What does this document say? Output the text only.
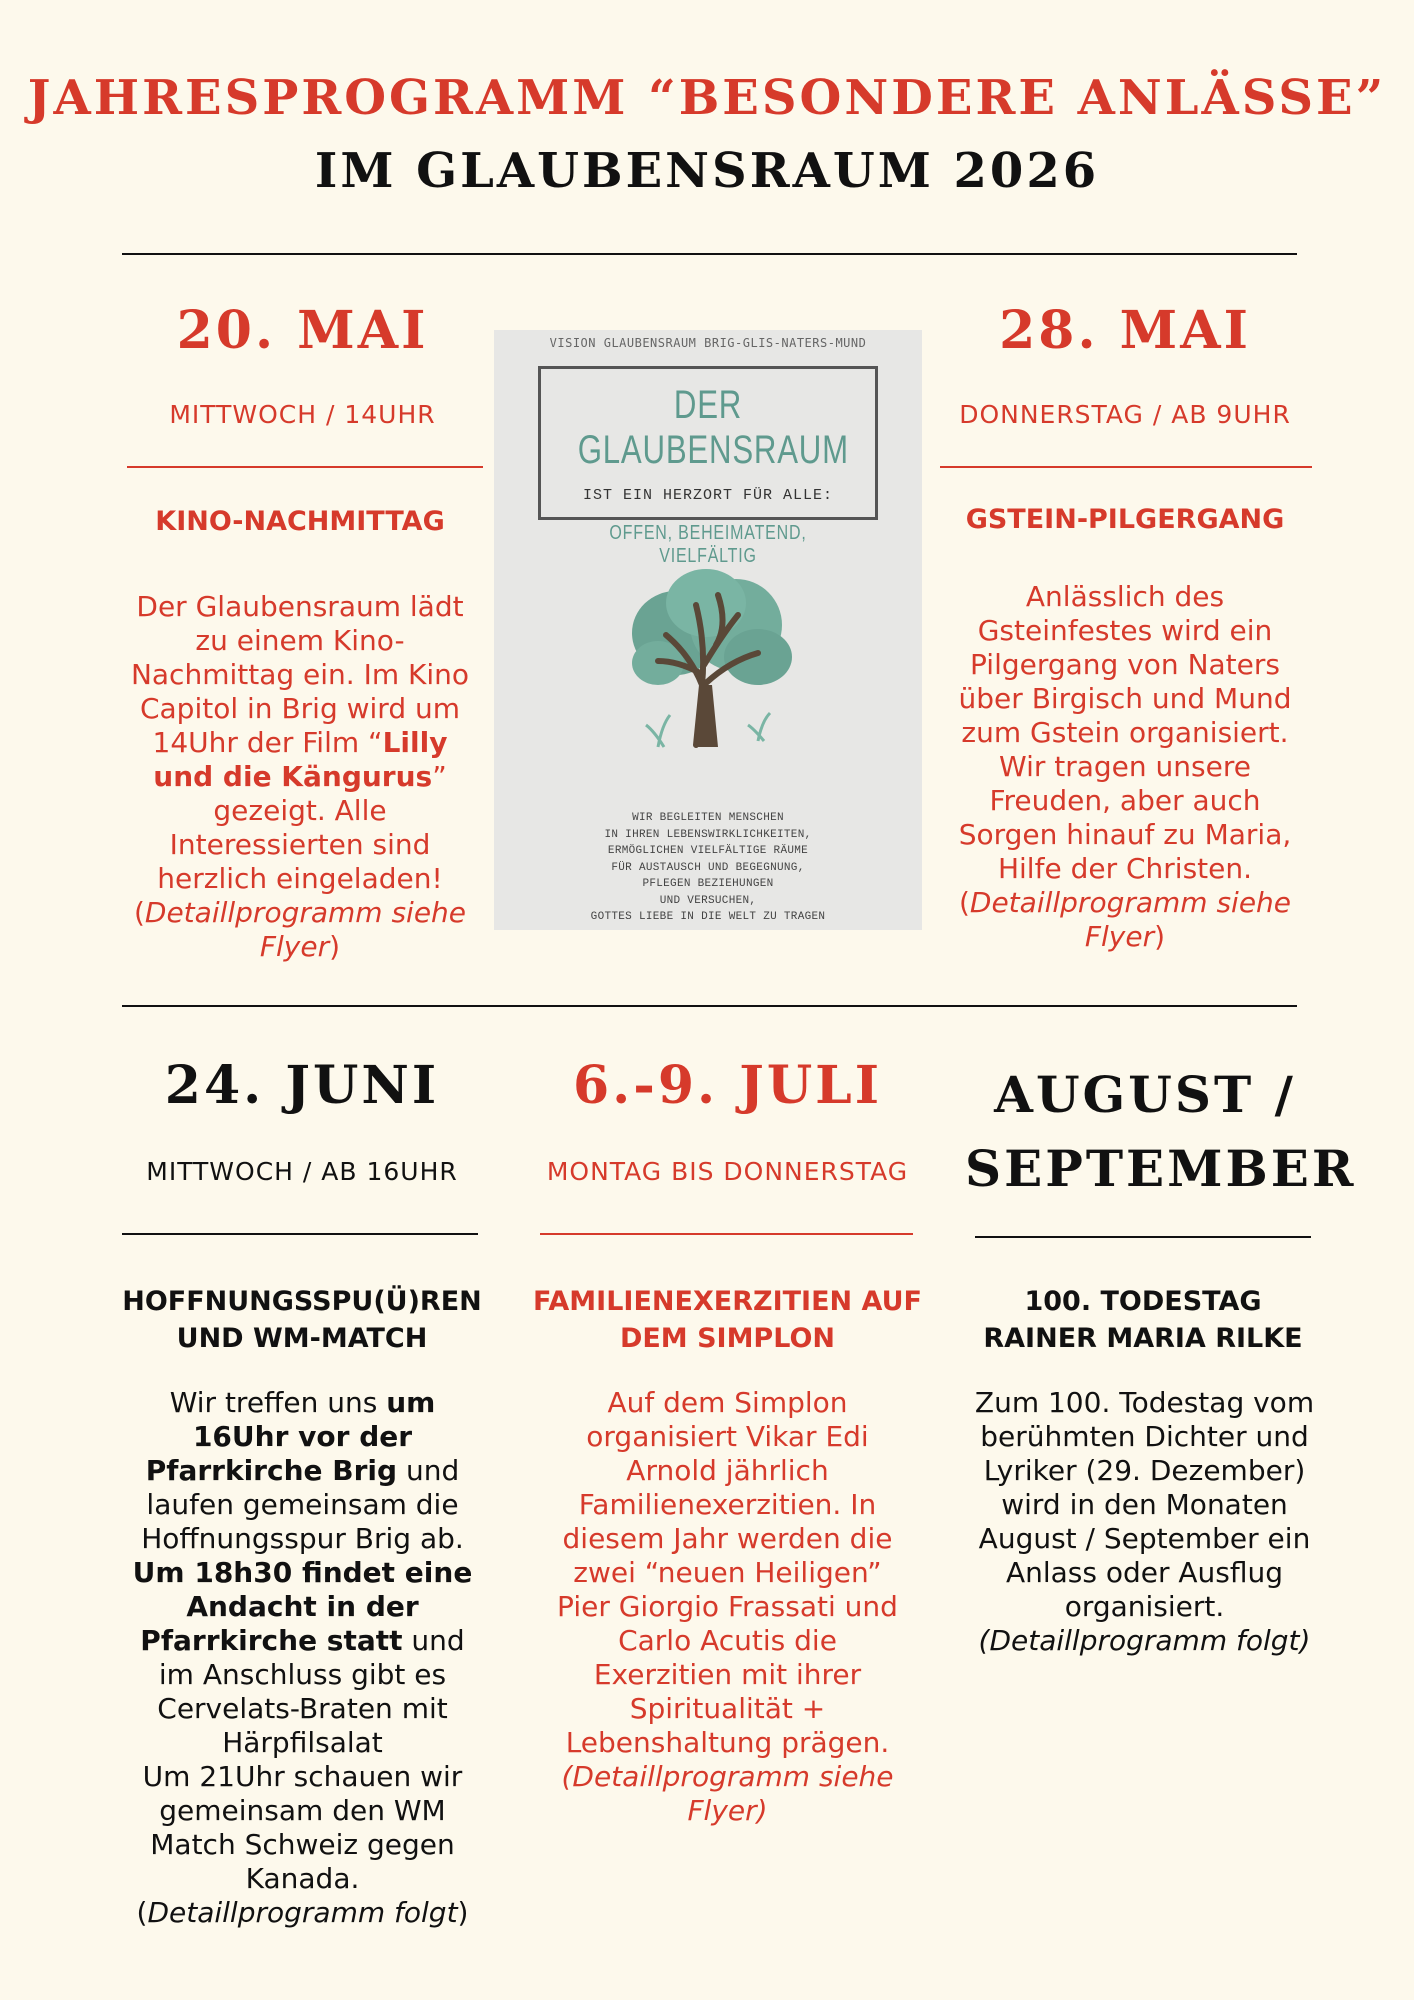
JAHRESPROGRAMM “BESONDERE ANLÄSSE”
IM GLAUBENSRAUM 2026
20. MAI
MITTWOCH / 14UHR
KINO-NACHMITTAG
Der Glaubensraum lädt zu einem Kino-Nachmittag ein. Im Kino Capitol in Brig wird um 14Uhr der Film “Lilly und die Kängurus” gezeigt. Alle Interessierten sind herzlich eingeladen!
(Detaillprogramm siehe Flyer)
VISION GLAUBENSRAUM BRIG-GLIS-NATERS-MUND
DER GLAUBENSRAUM
IST EIN HERZORT FÜR ALLE:
OFFEN, BEHEIMATEND, VIELFÄLTIG
WIR BEGLEITEN MENSCHEN
IN IHREN LEBENSWIRKLICHKEITEN,
ERMÖGLICHEN VIELFÄLTIGE RÄUME
FÜR AUSTAUSCH UND BEGEGNUNG,
PFLEGEN BEZIEHUNGEN
UND VERSUCHEN,
GOTTES LIEBE IN DIE WELT ZU TRAGEN
28. MAI
DONNERSTAG / AB 9UHR
GSTEIN-PILGERGANG
Anlässlich des Gsteinfestes wird ein Pilgergang von Naters über Birgisch und Mund zum Gstein organisiert. Wir tragen unsere Freuden, aber auch Sorgen hinauf zu Maria, Hilfe der Christen.
(Detaillprogramm siehe Flyer)
24. JUNI
MITTWOCH / AB 16UHR
HOFFNUNGSSPU(Ü)REN UND WM-MATCH
Wir treffen uns um 16Uhr vor der Pfarrkirche Brig und laufen gemeinsam die Hoffnungsspur Brig ab. Um 18h30 findet eine Andacht in der Pfarrkirche statt und im Anschluss gibt es Cervelats-Braten mit Härpfilsalat
Um 21Uhr schauen wir gemeinsam den WM Match Schweiz gegen Kanada.
(Detaillprogramm folgt)
6.-9. JULI
MONTAG BIS DONNERSTAG
FAMILIENEXERZITIEN AUF DEM SIMPLON
Auf dem Simplon organisiert Vikar Edi Arnold jährlich Familienexerzitien. In diesem Jahr werden die zwei “neuen Heiligen” Pier Giorgio Frassati und Carlo Acutis die Exerzitien mit ihrer Spiritualität + Lebenshaltung prägen.
(Detaillprogramm siehe Flyer)
AUGUST /
SEPTEMBER
100. TODESTAG RAINER MARIA RILKE
Zum 100. Todestag vom berühmten Dichter und Lyriker (29. Dezember) wird in den Monaten August / September ein Anlass oder Ausflug organisiert.
(Detaillprogramm folgt)
